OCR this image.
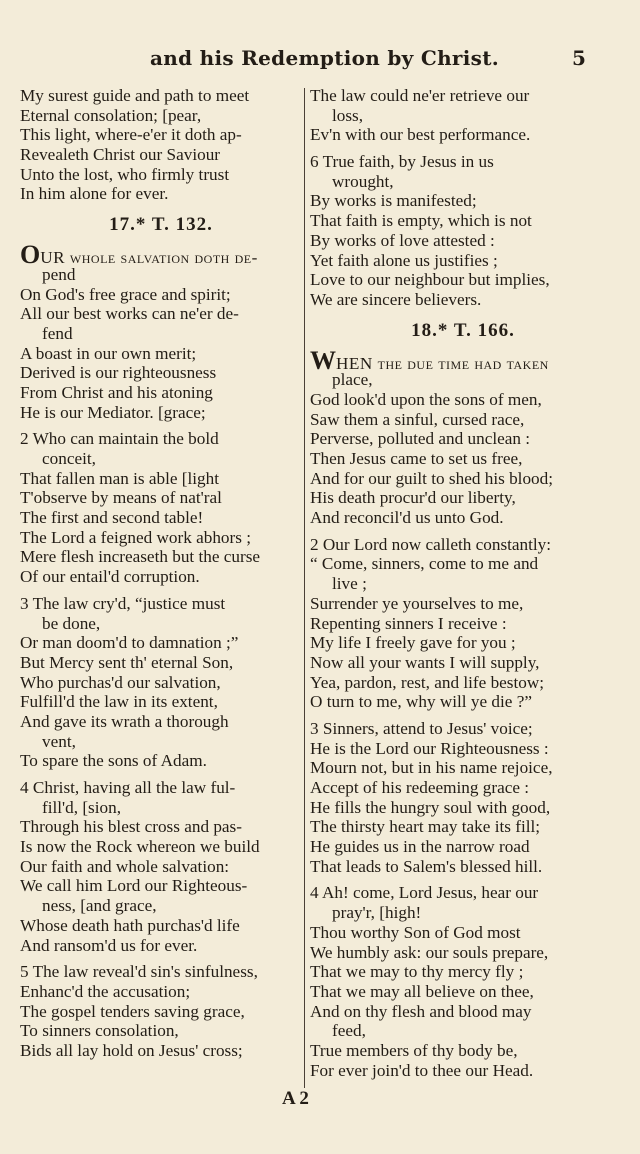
and his Redemption by Christ.	5
My surest guide and path to meet
Eternal consolation; [pear,
This light, where-e'er it doth ap-
Revealeth Christ our Saviour
Unto the lost, who firmly trust
In him alone for ever.
17.* T. 132.
OUR whole salvation doth de-
pend
On God's free grace and spirit;
All our best works can ne'er de-
fend
A boast in our own merit;
Derived is our righteousness
From Christ and his atoning
He is our Mediator. [grace;
2 Who can maintain the bold
conceit,
That fallen man is able [light
T'observe by means of nat'ral
The first and second table!
The Lord a feigned work abhors ;
Mere flesh increaseth but the curse
Of our entail'd corruption.
3 The law cry'd, “justice must
be done,
Or man doom'd to damnation ;”
But Mercy sent th' eternal Son,
Who purchas'd our salvation,
Fulfill'd the law in its extent,
And gave its wrath a thorough
vent,
To spare the sons of Adam.
4 Christ, having all the law ful-
fill'd, [sion,
Through his blest cross and pas-
Is now the Rock whereon we build
Our faith and whole salvation:
We call him Lord our Righteous-
ness, [and grace,
Whose death hath purchas'd life
And ransom'd us for ever.
5 The law reveal'd sin's sinfulness,
Enhanc'd the accusation;
The gospel tenders saving grace,
To sinners consolation,
Bids all lay hold on Jesus' cross;
The law could ne'er retrieve our
loss,
Ev'n with our best performance.
6 True faith, by Jesus in us
wrought,
By works is manifested;
That faith is empty, which is not
By works of love attested :
Yet faith alone us justifies ;
Love to our neighbour but implies,
We are sincere believers.
18.* T. 166.
WHEN the due time had taken
place,
God look'd upon the sons of men,
Saw them a sinful, cursed race,
Perverse, polluted and unclean :
Then Jesus came to set us free,
And for our guilt to shed his blood;
His death procur'd our liberty,
And reconcil'd us unto God.
2 Our Lord now calleth constantly:
“ Come, sinners, come to me and
live ;
Surrender ye yourselves to me,
Repenting sinners I receive :
My life I freely gave for you ;
Now all your wants I will supply,
Yea, pardon, rest, and life bestow;
O turn to me, why will ye die ?”
3 Sinners, attend to Jesus' voice;
He is the Lord our Righteousness :
Mourn not, but in his name rejoice,
Accept of his redeeming grace :
He fills the hungry soul with good,
The thirsty heart may take its fill;
He guides us in the narrow road
That leads to Salem's blessed hill.
4 Ah! come, Lord Jesus, hear our
pray'r, [high!
Thou worthy Son of God most
We humbly ask: our souls prepare,
That we may to thy mercy fly ;
That we may all believe on thee,
And on thy flesh and blood may
feed,
True members of thy body be,
For ever join'd to thee our Head.
A 2
